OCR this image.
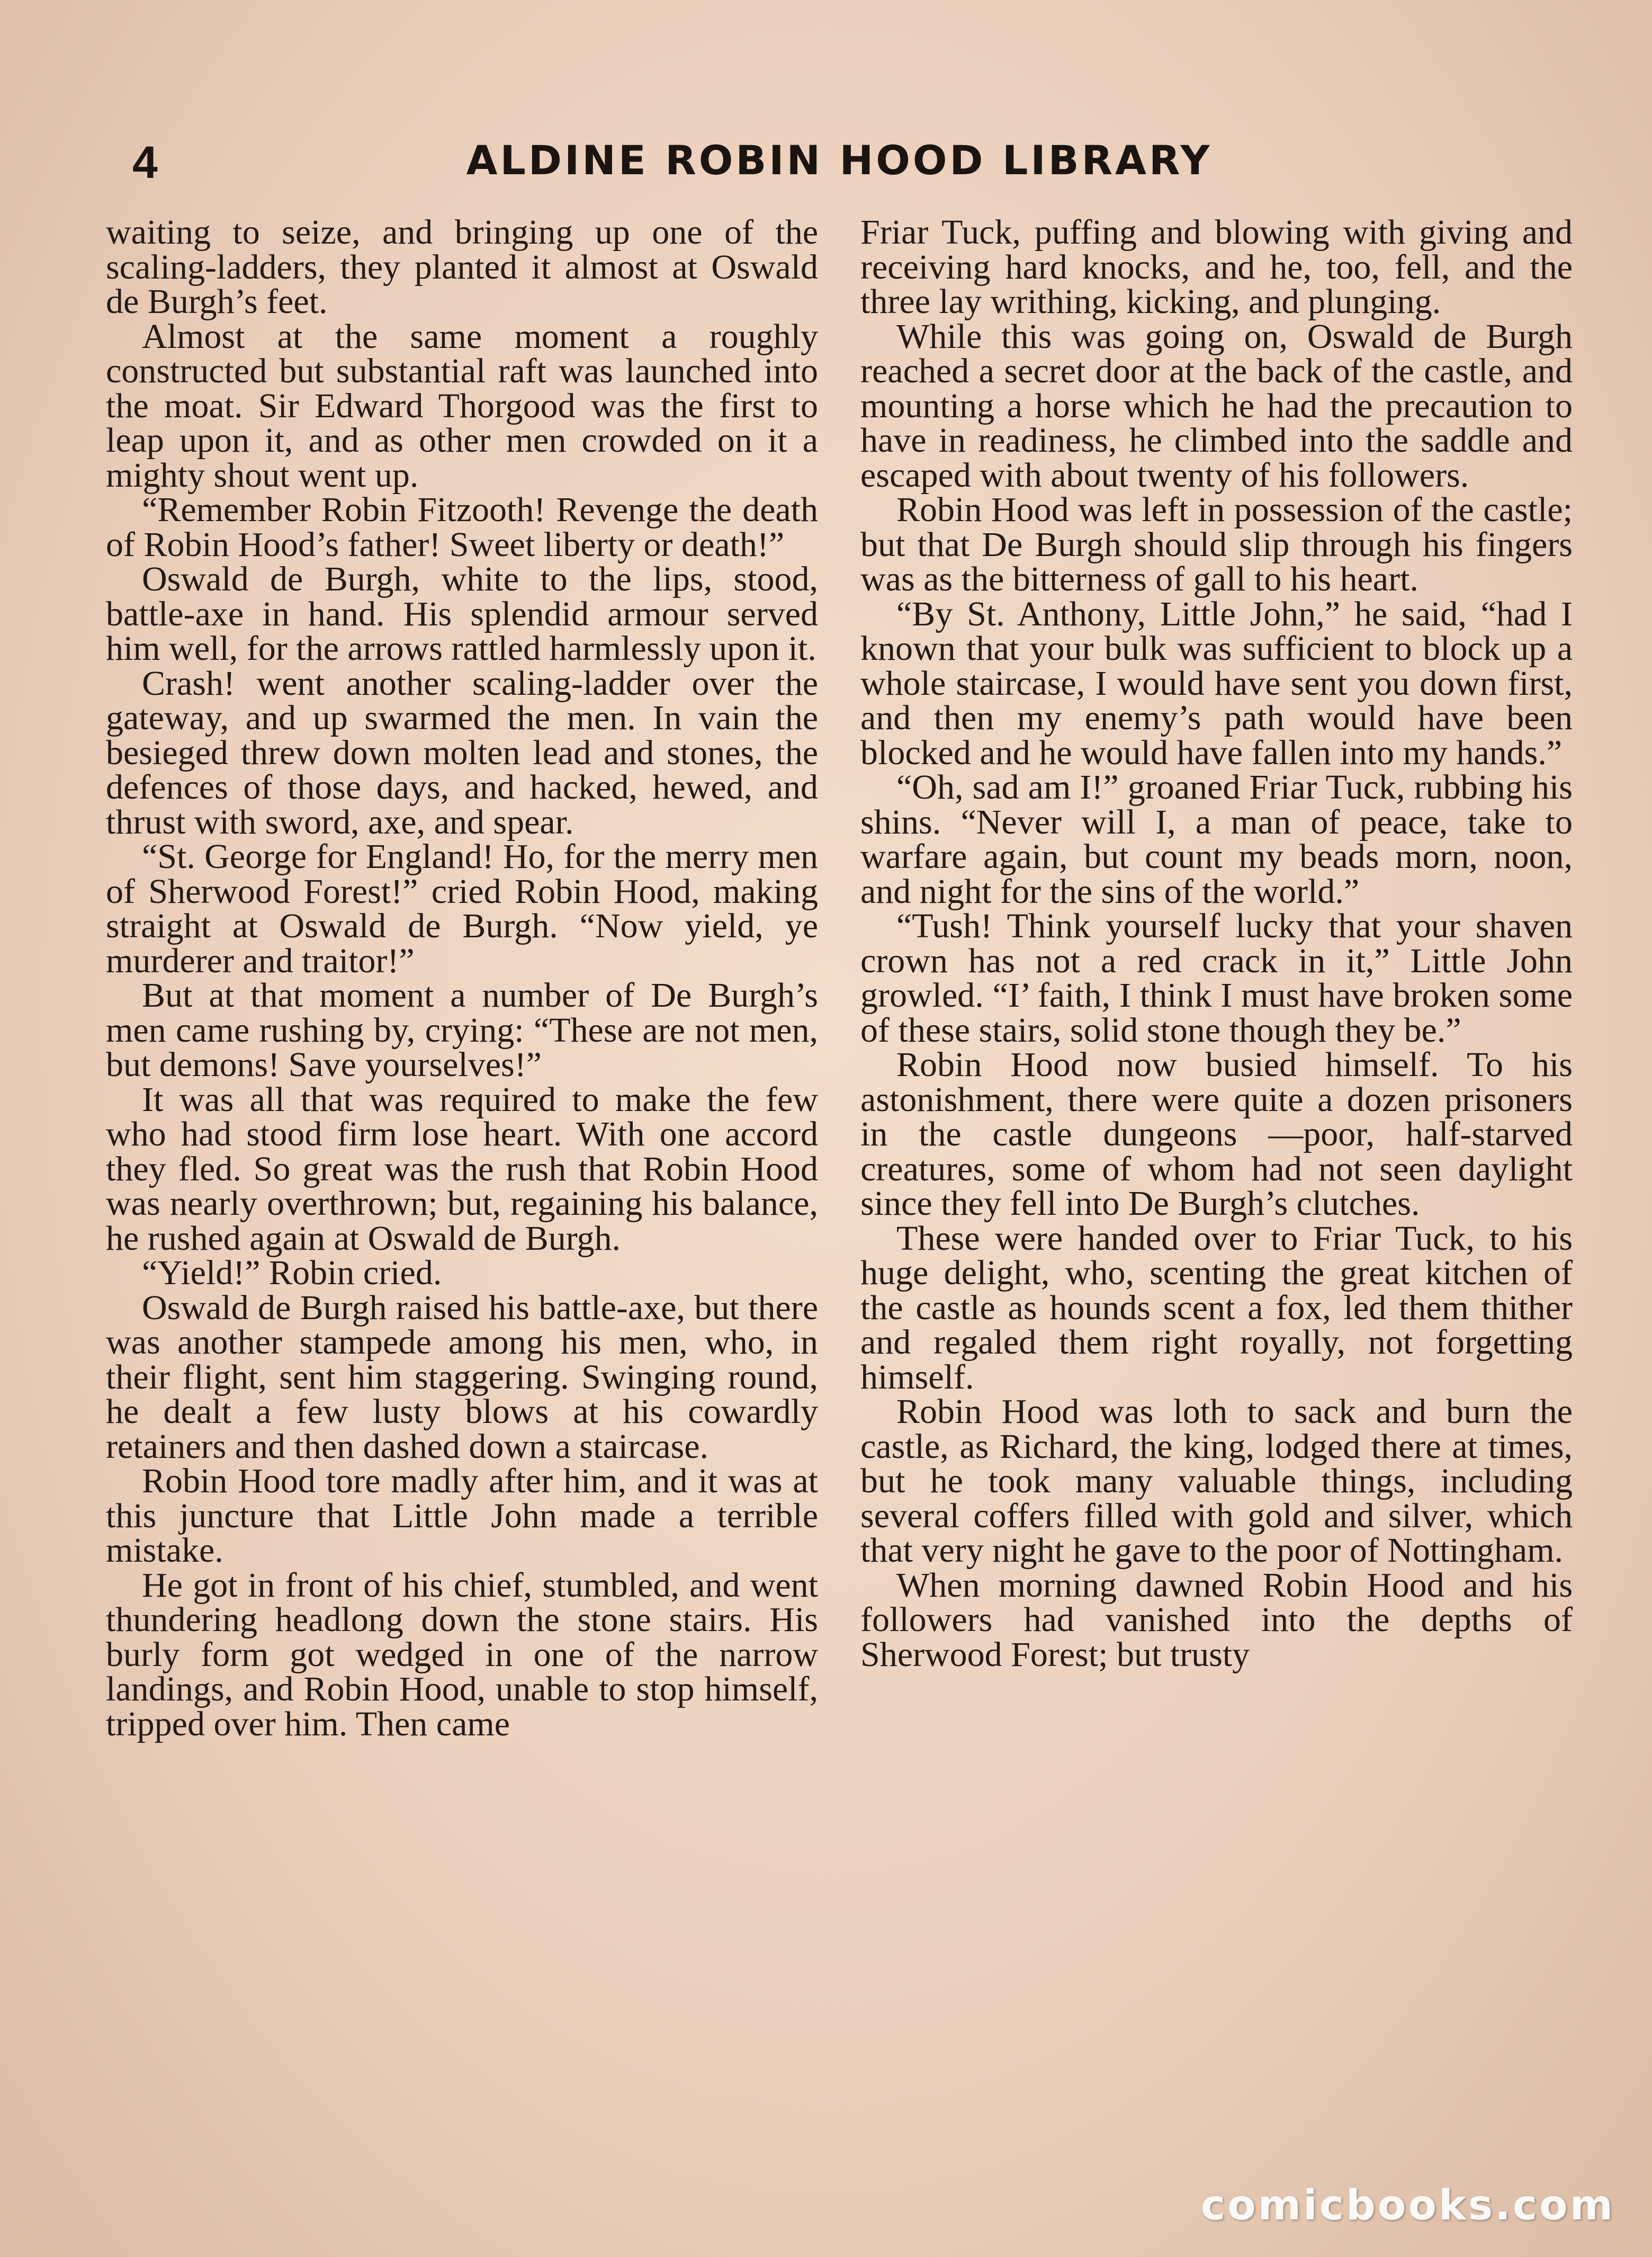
4	ALDINE ROBIN HOOD LIBRARY

waiting to seize, and bringing up one of the scaling-ladders, they planted it almost at Oswald de Burgh’s feet.

Almost at the same moment a roughly constructed but substantial raft was launched into the moat. Sir Edward Thorgood was the first to leap upon it, and as other men crowded on it a mighty shout went up.

“Remember Robin Fitzooth! Revenge the death of Robin Hood’s father! Sweet liberty or death!”

Oswald de Burgh, white to the lips, stood, battle-axe in hand. His splendid armour served him well, for the arrows rattled harmlessly upon it.

Crash! went another scaling-ladder over the gateway, and up swarmed the men. In vain the besieged threw down molten lead and stones, the defences of those days, and hacked, hewed, and thrust with sword, axe, and spear.

“St. George for England! Ho, for the merry men of Sherwood Forest!” cried Robin Hood, making straight at Oswald de Burgh. “Now yield, ye murderer and traitor!”

But at that moment a number of De Burgh’s men came rushing by, crying: “These are not men, but demons! Save yourselves!”

It was all that was required to make the few who had stood firm lose heart. With one accord they fled. So great was the rush that Robin Hood was nearly overthrown; but, regaining his balance, he rushed again at Oswald de Burgh.

“Yield!” Robin cried.

Oswald de Burgh raised his battle-axe, but there was another stampede among his men, who, in their flight, sent him staggering. Swinging round, he dealt a few lusty blows at his cowardly retainers and then dashed down a staircase.

Robin Hood tore madly after him, and it was at this juncture that Little John made a terrible mistake.

He got in front of his chief, stumbled, and went thundering headlong down the stone stairs. His burly form got wedged in one of the narrow landings, and Robin Hood, unable to stop himself, tripped over him. Then came

Friar Tuck, puffing and blowing with giving and receiving hard knocks, and he, too, fell, and the three lay writhing, kicking, and plunging.

While this was going on, Oswald de Burgh reached a secret door at the back of the castle, and mounting a horse which he had the precaution to have in readiness, he climbed into the saddle and escaped with about twenty of his followers.

Robin Hood was left in possession of the castle; but that De Burgh should slip through his fingers was as the bitterness of gall to his heart.

“By St. Anthony, Little John,” he said, “had I known that your bulk was sufficient to block up a whole staircase, I would have sent you down first, and then my enemy’s path would have been blocked and he would have fallen into my hands.”

“Oh, sad am I!” groaned Friar Tuck, rubbing his shins. “Never will I, a man of peace, take to warfare again, but count my beads morn, noon, and night for the sins of the world.”

“Tush! Think yourself lucky that your shaven crown has not a red crack in it,” Little John growled. “I’ faith, I think I must have broken some of these stairs, solid stone though they be.”

Robin Hood now busied himself. To his astonishment, there were quite a dozen prisoners in the castle dungeons —poor, half-starved creatures, some of whom had not seen daylight since they fell into De Burgh’s clutches.

These were handed over to Friar Tuck, to his huge delight, who, scenting the great kitchen of the castle as hounds scent a fox, led them thither and regaled them right royally, not forgetting himself.

Robin Hood was loth to sack and burn the castle, as Richard, the king, lodged there at times, but he took many valuable things, including several coffers filled with gold and silver, which that very night he gave to the poor of Nottingham.

When morning dawned Robin Hood and his followers had vanished into the depths of Sherwood Forest; but trusty

comicbooks.com
